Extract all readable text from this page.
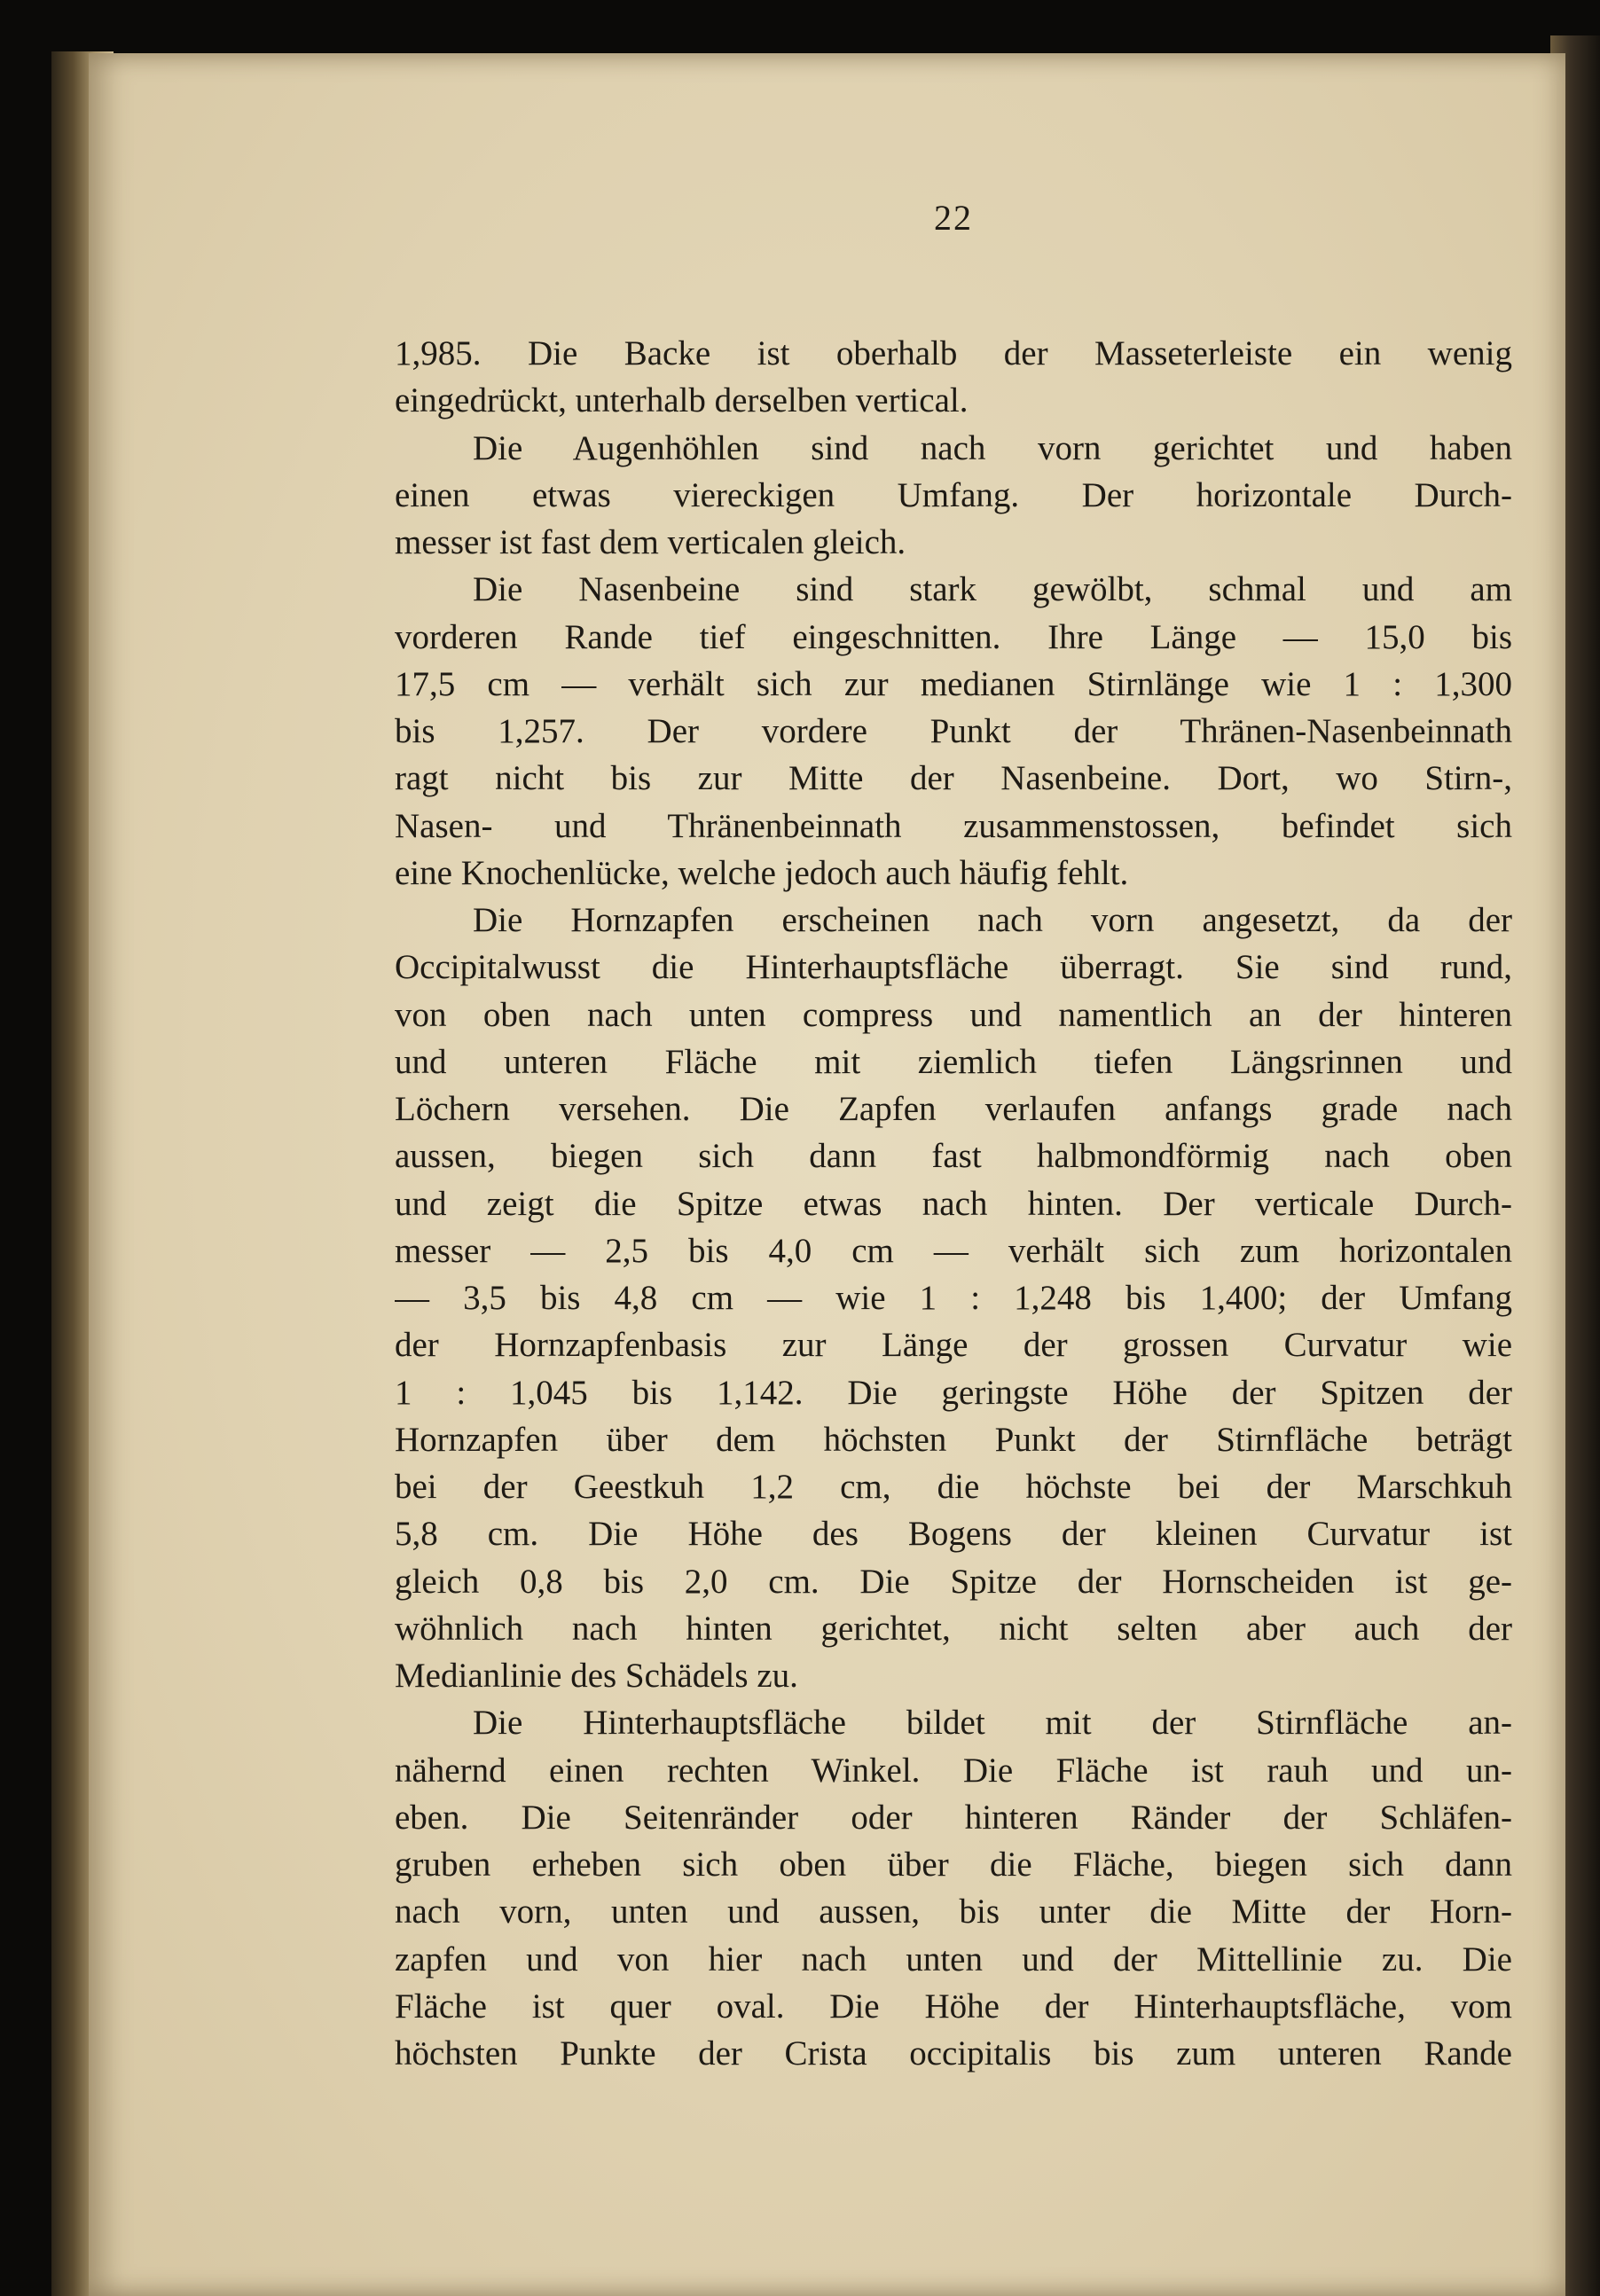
22
1,985. Die Backe ist oberhalb der Masseterleiste ein wenig
eingedrückt, unterhalb derselben vertical.
Die Augenhöhlen sind nach vorn gerichtet und haben
einen etwas viereckigen Umfang. Der horizontale Durch-
messer ist fast dem verticalen gleich.
Die Nasenbeine sind stark gewölbt, schmal und am
vorderen Rande tief eingeschnitten. Ihre Länge — 15,0 bis
17,5 cm — verhält sich zur medianen Stirnlänge wie 1 : 1,300
bis 1,257. Der vordere Punkt der Thränen-Nasenbeinnath
ragt nicht bis zur Mitte der Nasenbeine. Dort, wo Stirn-,
Nasen- und Thränenbeinnath zusammenstossen, befindet sich
eine Knochenlücke, welche jedoch auch häufig fehlt.
Die Hornzapfen erscheinen nach vorn angesetzt, da der
Occipitalwusst die Hinterhauptsfläche überragt. Sie sind rund,
von oben nach unten compress und namentlich an der hinteren
und unteren Fläche mit ziemlich tiefen Längsrinnen und
Löchern versehen. Die Zapfen verlaufen anfangs grade nach
aussen, biegen sich dann fast halbmondförmig nach oben
und zeigt die Spitze etwas nach hinten. Der verticale Durch-
messer — 2,5 bis 4,0 cm — verhält sich zum horizontalen
— 3,5 bis 4,8 cm — wie 1 : 1,248 bis 1,400; der Umfang
der Hornzapfenbasis zur Länge der grossen Curvatur wie
1 : 1,045 bis 1,142. Die geringste Höhe der Spitzen der
Hornzapfen über dem höchsten Punkt der Stirnfläche beträgt
bei der Geestkuh 1,2 cm, die höchste bei der Marschkuh
5,8 cm. Die Höhe des Bogens der kleinen Curvatur ist
gleich 0,8 bis 2,0 cm. Die Spitze der Hornscheiden ist ge-
wöhnlich nach hinten gerichtet, nicht selten aber auch der
Medianlinie des Schädels zu.
Die Hinterhauptsfläche bildet mit der Stirnfläche an-
nähernd einen rechten Winkel. Die Fläche ist rauh und un-
eben. Die Seitenränder oder hinteren Ränder der Schläfen-
gruben erheben sich oben über die Fläche, biegen sich dann
nach vorn, unten und aussen, bis unter die Mitte der Horn-
zapfen und von hier nach unten und der Mittellinie zu. Die
Fläche ist quer oval. Die Höhe der Hinterhauptsfläche, vom
höchsten Punkte der Crista occipitalis bis zum unteren Rande
